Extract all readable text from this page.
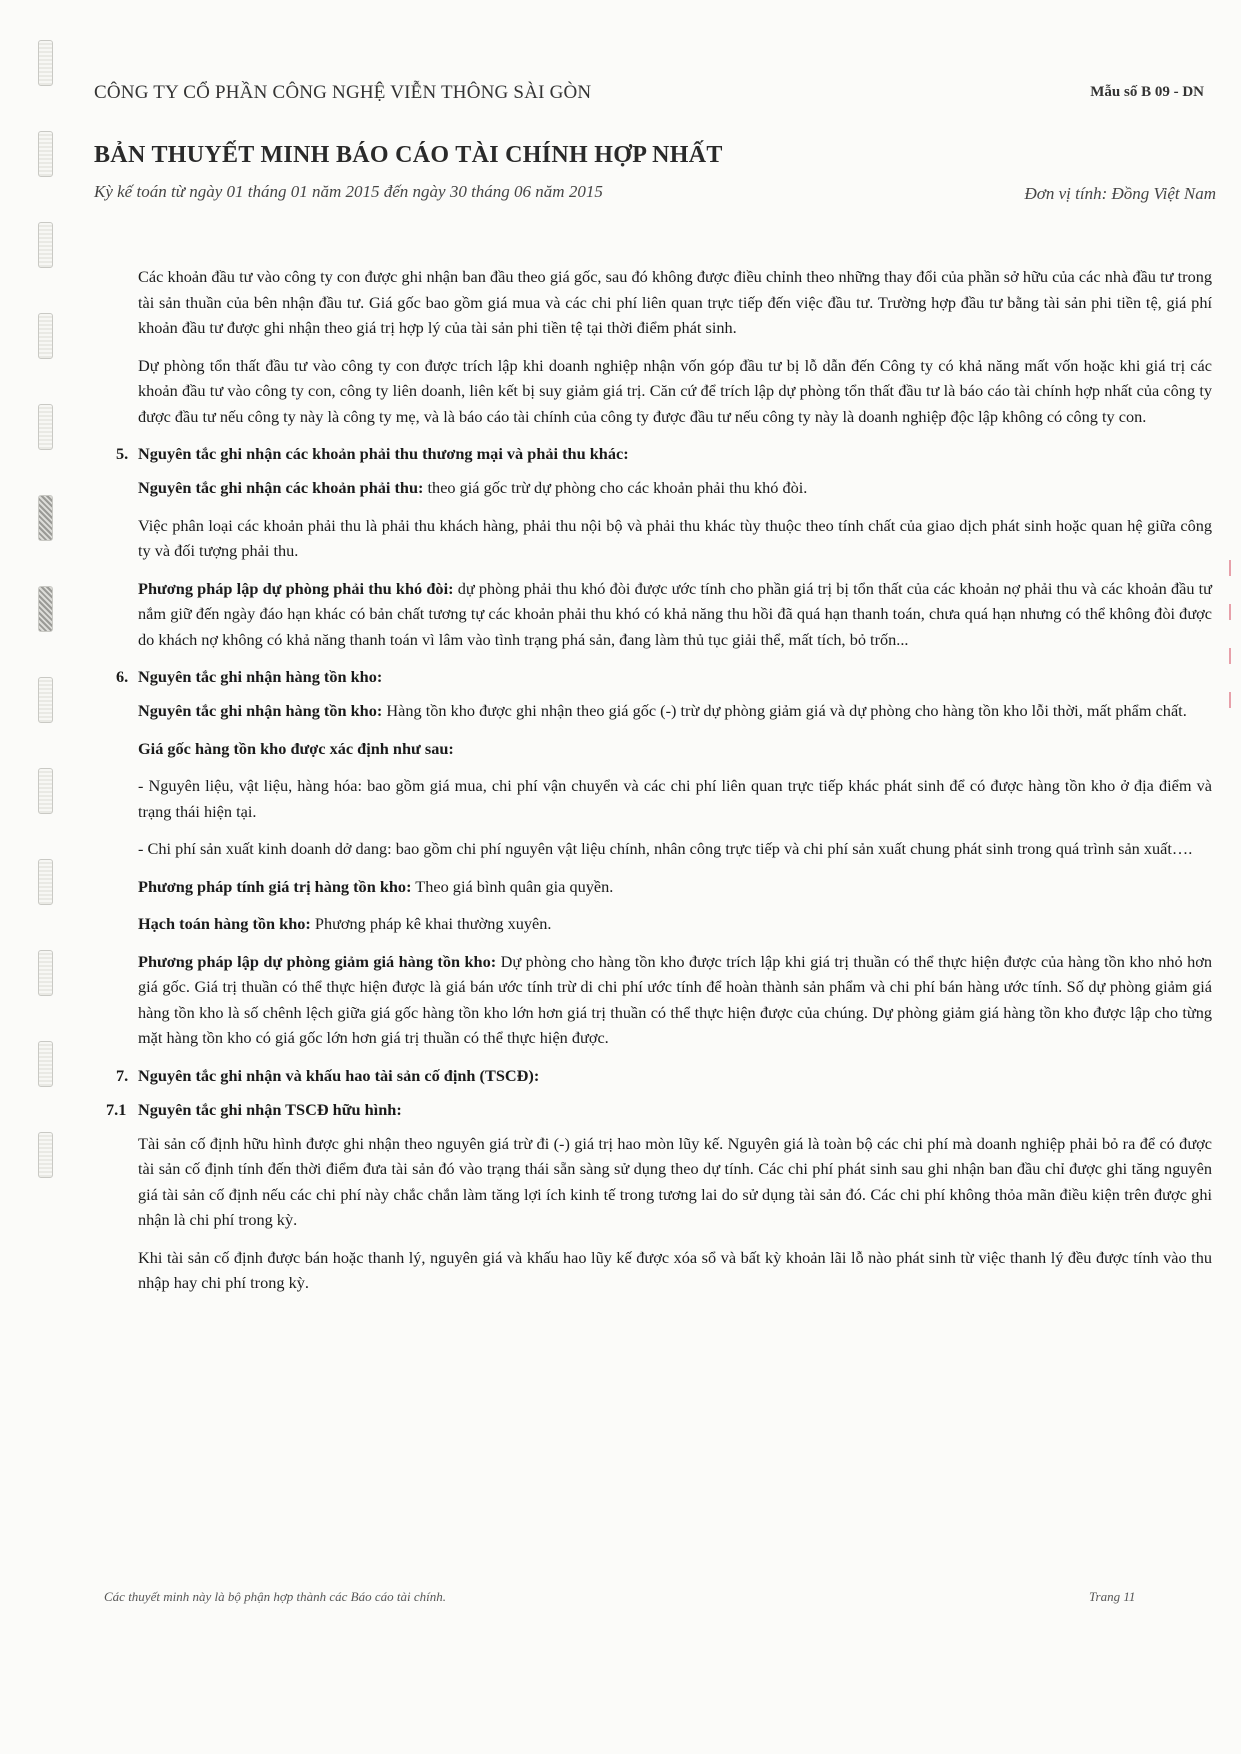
CÔNG TY CỔ PHẦN CÔNG NGHỆ VIỄN THÔNG SÀI GÒN	Mẫu số B 09 - DN
BẢN THUYẾT MINH BÁO CÁO TÀI CHÍNH HỢP NHẤT
Kỳ kế toán từ ngày 01 tháng 01 năm 2015 đến ngày 30 tháng 06 năm 2015	Đơn vị tính: Đồng Việt Nam

Các khoản đầu tư vào công ty con được ghi nhận ban đầu theo giá gốc, sau đó không được điều chỉnh theo những thay đổi của phần sở hữu của các nhà đầu tư trong tài sản thuần của bên nhận đầu tư. Giá gốc bao gồm giá mua và các chi phí liên quan trực tiếp đến việc đầu tư. Trường hợp đầu tư bằng tài sản phi tiền tệ, giá phí khoản đầu tư được ghi nhận theo giá trị hợp lý của tài sản phi tiền tệ tại thời điểm phát sinh.

Dự phòng tổn thất đầu tư vào công ty con được trích lập khi doanh nghiệp nhận vốn góp đầu tư bị lỗ dẫn đến Công ty có khả năng mất vốn hoặc khi giá trị các khoản đầu tư vào công ty con, công ty liên doanh, liên kết bị suy giảm giá trị. Căn cứ để trích lập dự phòng tổn thất đầu tư là báo cáo tài chính hợp nhất của công ty được đầu tư nếu công ty này là công ty mẹ, và là báo cáo tài chính của công ty được đầu tư nếu công ty này là doanh nghiệp độc lập không có công ty con.

5. Nguyên tắc ghi nhận các khoản phải thu thương mại và phải thu khác:

Nguyên tắc ghi nhận các khoản phải thu: theo giá gốc trừ dự phòng cho các khoản phải thu khó đòi.

Việc phân loại các khoản phải thu là phải thu khách hàng, phải thu nội bộ và phải thu khác tùy thuộc theo tính chất của giao dịch phát sinh hoặc quan hệ giữa công ty và đối tượng phải thu.

Phương pháp lập dự phòng phải thu khó đòi: dự phòng phải thu khó đòi được ước tính cho phần giá trị bị tổn thất của các khoản nợ phải thu và các khoản đầu tư nắm giữ đến ngày đáo hạn khác có bản chất tương tự các khoản phải thu khó có khả năng thu hồi đã quá hạn thanh toán, chưa quá hạn nhưng có thể không đòi được do khách nợ không có khả năng thanh toán vì lâm vào tình trạng phá sản, đang làm thủ tục giải thể, mất tích, bỏ trốn...

6. Nguyên tắc ghi nhận hàng tồn kho:

Nguyên tắc ghi nhận hàng tồn kho: Hàng tồn kho được ghi nhận theo giá gốc (-) trừ dự phòng giảm giá và dự phòng cho hàng tồn kho lỗi thời, mất phẩm chất.

Giá gốc hàng tồn kho được xác định như sau:

- Nguyên liệu, vật liệu, hàng hóa: bao gồm giá mua, chi phí vận chuyển và các chi phí liên quan trực tiếp khác phát sinh để có được hàng tồn kho ở địa điểm và trạng thái hiện tại.

- Chi phí sản xuất kinh doanh dở dang: bao gồm chi phí nguyên vật liệu chính, nhân công trực tiếp và chi phí sản xuất chung phát sinh trong quá trình sản xuất….

Phương pháp tính giá trị hàng tồn kho: Theo giá bình quân gia quyền.

Hạch toán hàng tồn kho: Phương pháp kê khai thường xuyên.

Phương pháp lập dự phòng giảm giá hàng tồn kho: Dự phòng cho hàng tồn kho được trích lập khi giá trị thuần có thể thực hiện được của hàng tồn kho nhỏ hơn giá gốc. Giá trị thuần có thể thực hiện được là giá bán ước tính trừ di chi phí ước tính để hoàn thành sản phẩm và chi phí bán hàng ước tính. Số dự phòng giảm giá hàng tồn kho là số chênh lệch giữa giá gốc hàng tồn kho lớn hơn giá trị thuần có thể thực hiện được của chúng. Dự phòng giảm giá hàng tồn kho được lập cho từng mặt hàng tồn kho có giá gốc lớn hơn giá trị thuần có thể thực hiện được.

7. Nguyên tắc ghi nhận và khấu hao tài sản cố định (TSCĐ):
7.1 Nguyên tắc ghi nhận TSCĐ hữu hình:

Tài sản cố định hữu hình được ghi nhận theo nguyên giá trừ đi (-) giá trị hao mòn lũy kế. Nguyên giá là toàn bộ các chi phí mà doanh nghiệp phải bỏ ra để có được tài sản cố định tính đến thời điểm đưa tài sản đó vào trạng thái sẵn sàng sử dụng theo dự tính. Các chi phí phát sinh sau ghi nhận ban đầu chỉ được ghi tăng nguyên giá tài sản cố định nếu các chi phí này chắc chắn làm tăng lợi ích kinh tế trong tương lai do sử dụng tài sản đó. Các chi phí không thỏa mãn điều kiện trên được ghi nhận là chi phí trong kỳ.

Khi tài sản cố định được bán hoặc thanh lý, nguyên giá và khấu hao lũy kế được xóa sổ và bất kỳ khoản lãi lỗ nào phát sinh từ việc thanh lý đều được tính vào thu nhập hay chi phí trong kỳ.

Các thuyết minh này là bộ phận hợp thành các Báo cáo tài chính.	Trang 11
